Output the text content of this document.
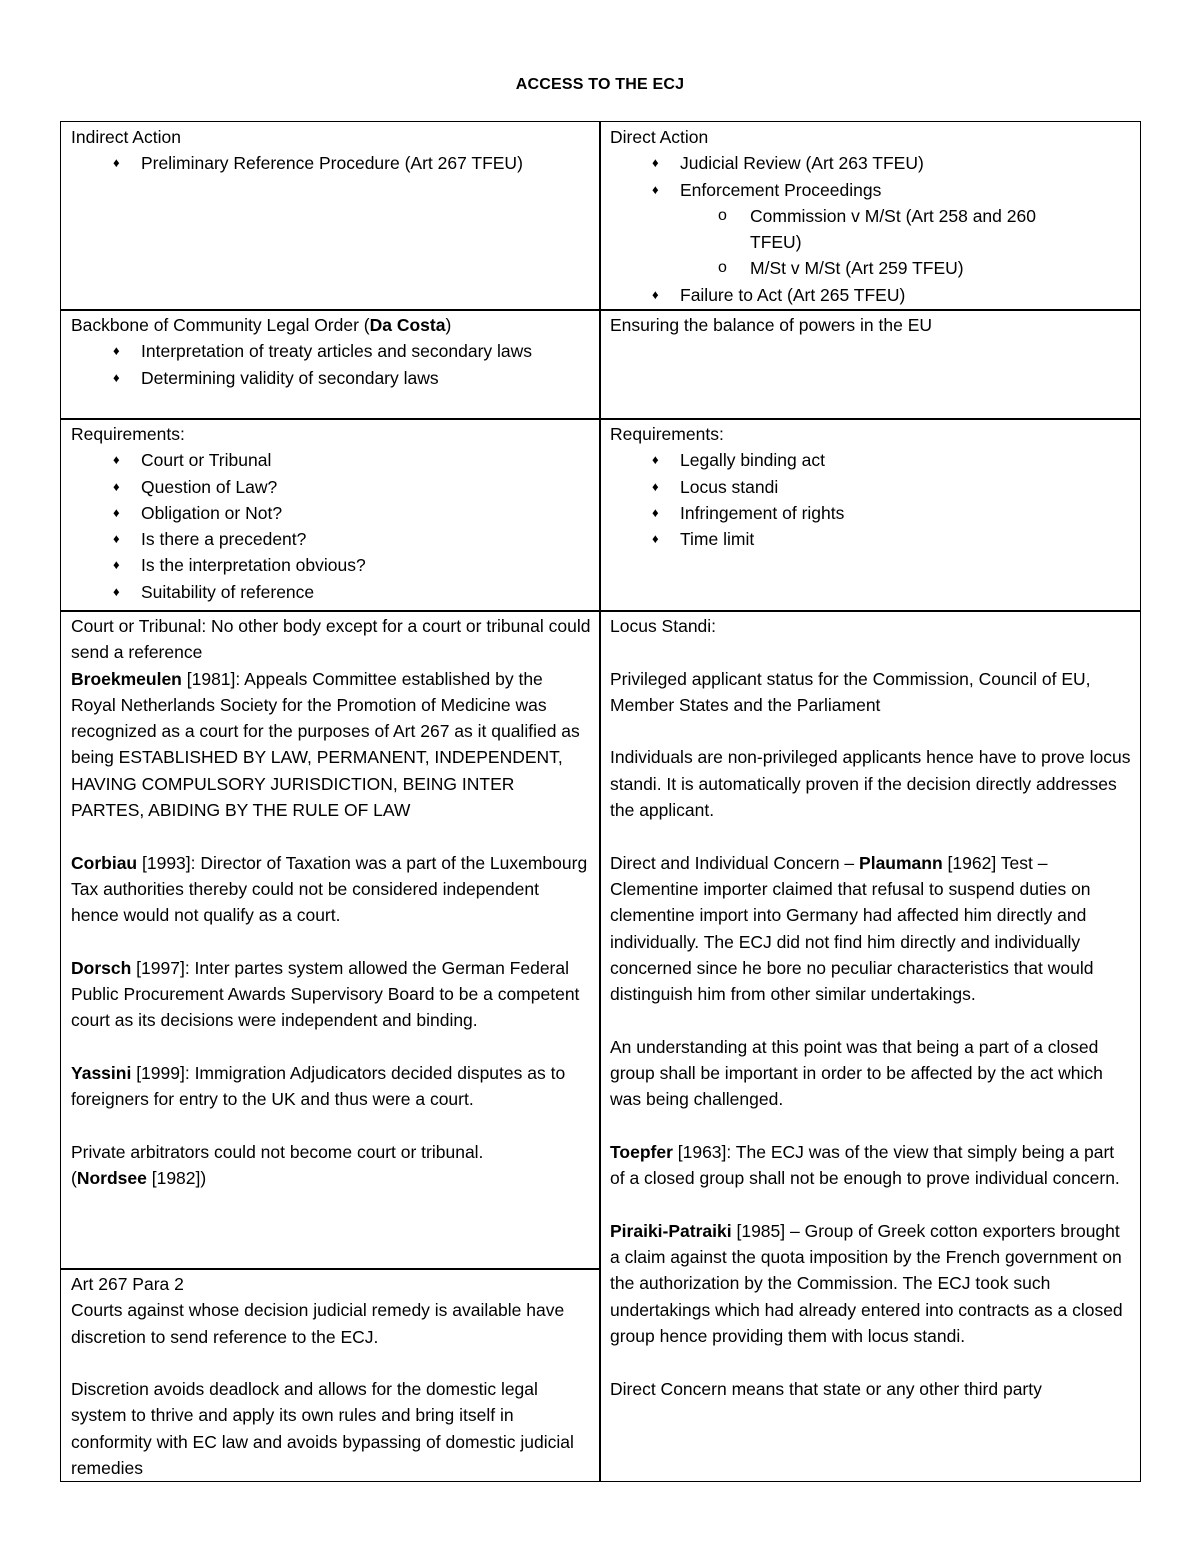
ACCESS TO THE ECJ

Indirect Action

♦ Preliminary Reference Procedure (Art 267 TFEU)

Direct Action

♦ Judicial Review (Art 263 TFEU)
♦ Enforcement Proceedings
o Commission v M/St (Art 258 and 260 TFEU)
o M/St v M/St (Art 259 TFEU)
♦ Failure to Act (Art 265 TFEU)

Backbone of Community Legal Order (Da Costa)

♦ Interpretation of treaty articles and secondary laws
♦ Determining validity of secondary laws

Ensuring the balance of powers in the EU

Requirements:

♦ Court or Tribunal
♦ Question of Law?
♦ Obligation or Not?
♦ Is there a precedent?
♦ Is the interpretation obvious?
♦ Suitability of reference

Requirements:

♦ Legally binding act
♦ Locus standi
♦ Infringement of rights
♦ Time limit

Court or Tribunal: No other body except for a court or tribunal could send a reference

Broekmeulen [1981]: Appeals Committee established by the Royal Netherlands Society for the Promotion of Medicine was recognized as a court for the purposes of Art 267 as it qualified as being ESTABLISHED BY LAW, PERMANENT, INDEPENDENT, HAVING COMPULSORY JURISDICTION, BEING INTER PARTES, ABIDING BY THE RULE OF LAW

Corbiau [1993]: Director of Taxation was a part of the Luxembourg Tax authorities thereby could not be considered independent hence would not qualify as a court.

Dorsch [1997]: Inter partes system allowed the German Federal Public Procurement Awards Supervisory Board to be a competent court as its decisions were independent and binding.

Yassini [1999]: Immigration Adjudicators decided disputes as to foreigners for entry to the UK and thus were a court.

Private arbitrators could not become court or tribunal.

(Nordsee [1982])

Art 267 Para 2

Courts against whose decision judicial remedy is available have discretion to send reference to the ECJ.

Discretion avoids deadlock and allows for the domestic legal system to thrive and apply its own rules and bring itself in conformity with EC law and avoids bypassing of domestic judicial remedies

Locus Standi:

Privileged applicant status for the Commission, Council of EU, Member States and the Parliament

Individuals are non-privileged applicants hence have to prove locus standi. It is automatically proven if the decision directly addresses the applicant.

Direct and Individual Concern – Plaumann [1962] Test – Clementine importer claimed that refusal to suspend duties on clementine import into Germany had affected him directly and individually. The ECJ did not find him directly and individually concerned since he bore no peculiar characteristics that would distinguish him from other similar undertakings.

An understanding at this point was that being a part of a closed group shall be important in order to be affected by the act which was being challenged.

Toepfer [1963]: The ECJ was of the view that simply being a part of a closed group shall not be enough to prove individual concern.

Piraiki-Patraiki [1985] – Group of Greek cotton exporters brought a claim against the quota imposition by the French government on the authorization by the Commission. The ECJ took such undertakings which had already entered into contracts as a closed group hence providing them with locus standi.

Direct Concern means that state or any other third party
